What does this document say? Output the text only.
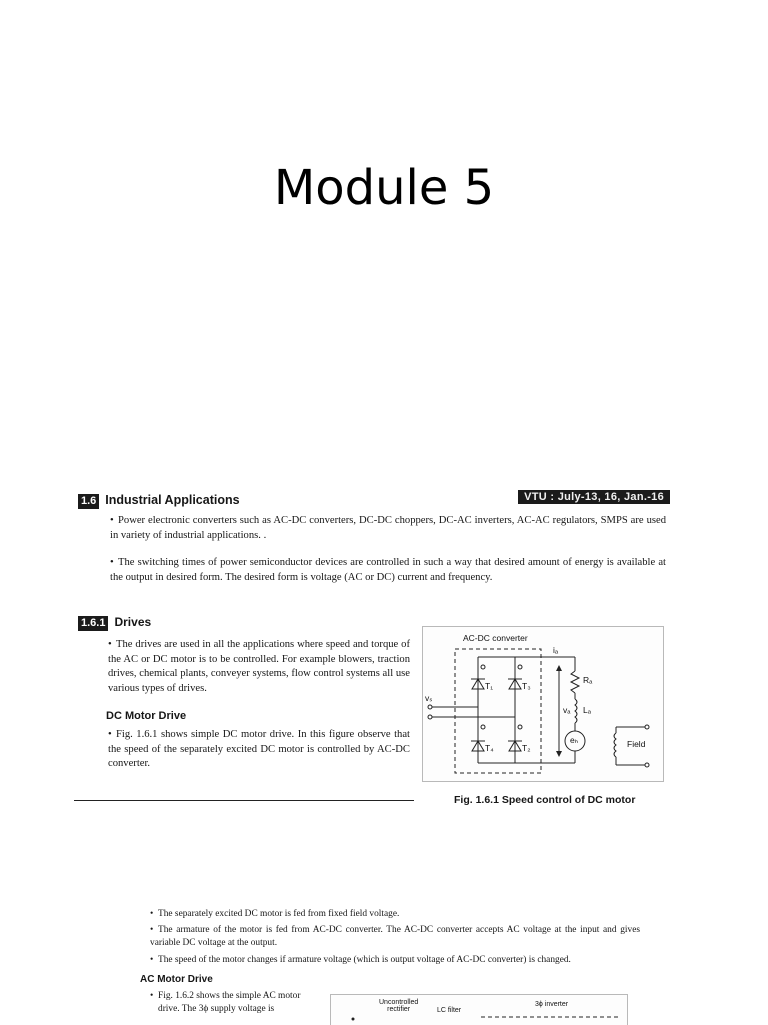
Module 5
1.6 Industrial Applications	VTU : July-13, 16, Jan.-16
• Power electronic converters such as AC-DC converters, DC-DC choppers, DC-AC inverters, AC-AC regulators, SMPS are used in variety of industrial applications. .
• The switching times of power semiconductor devices are controlled in such a way that desired amount of energy is available at the output in desired form. The desired form is voltage (AC or DC) current and frequency.
1.6.1 Drives
• The drives are used in all the applications where speed and torque of the AC or DC motor is to be controlled. For example blowers, traction drives, chemical plants, conveyer systems, flow control systems all use various types of drives.
DC Motor Drive
• Fig. 1.6.1 shows simple DC motor drive. In this figure observe that the speed of the separately excited DC motor is controlled by AC-DC converter.
AC-DC converter
T₁	T₃
T₄	T₂
iₐ
Rₐ
Lₐ
vₐ
vₛ
eₕ	Field
Fig. 1.6.1 Speed control of DC motor
• The separately excited DC motor is fed from fixed field voltage.
• The armature of the motor is fed from AC-DC converter. The AC-DC converter accepts AC voltage at the input and gives variable DC voltage at the output.
• The speed of the motor changes if armature voltage (which is output voltage of AC-DC converter) is changed.
AC Motor Drive
• Fig. 1.6.2 shows the simple AC motor
drive. The 3ϕ supply voltage is
Uncontrolled
rectifier	LC filter
3ϕ inverter
